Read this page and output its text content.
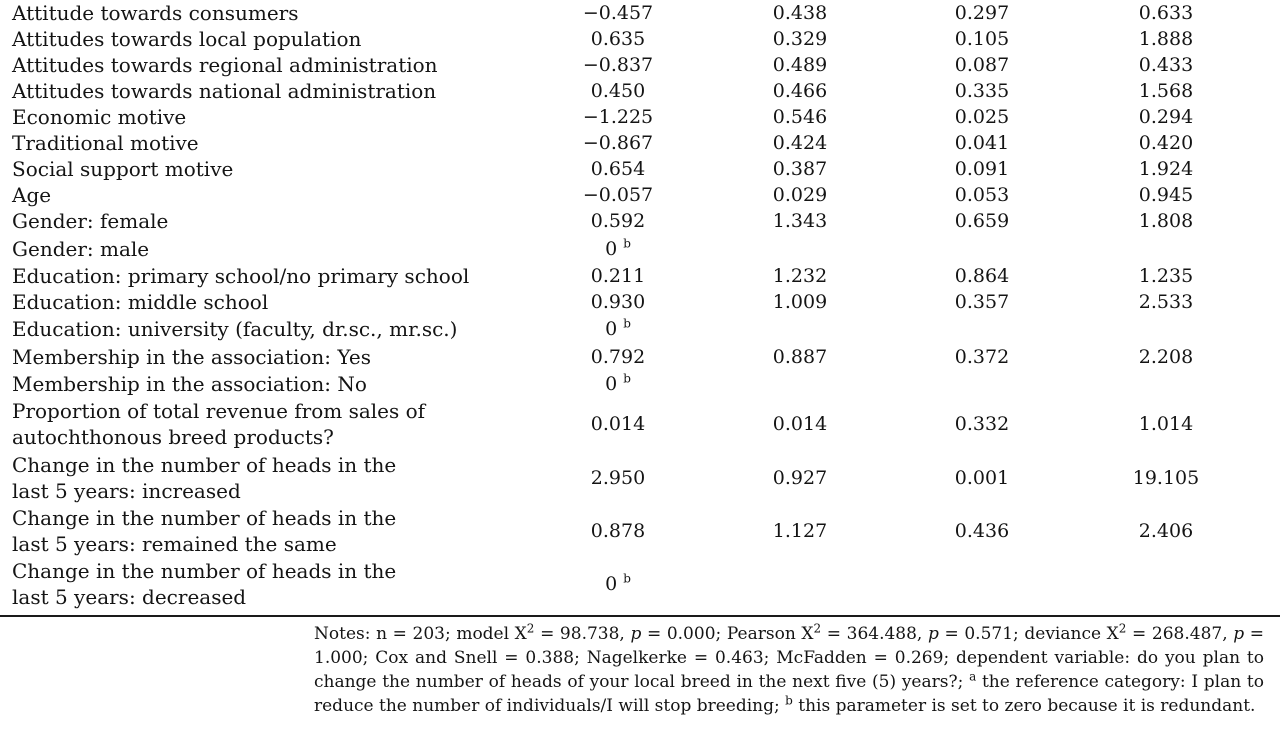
Attitude towards consumers	−0.457	0.438	0.297	0.633
Attitudes towards local population	0.635	0.329	0.105	1.888
Attitudes towards regional administration	−0.837	0.489	0.087	0.433
Attitudes towards national administration	0.450	0.466	0.335	1.568
Economic motive	−1.225	0.546	0.025	0.294
Traditional motive	−0.867	0.424	0.041	0.420
Social support motive	0.654	0.387	0.091	1.924
Age	−0.057	0.029	0.053	0.945
Gender: female	0.592	1.343	0.659	1.808
Gender: male	0 $^b$
Education: primary school/no primary school	0.211	1.232	0.864	1.235
Education: middle school	0.930	1.009	0.357	2.533
Education: university (faculty, dr.sc., mr.sc.)	0 $^b$
Membership in the association: Yes	0.792	0.887	0.372	2.208
Membership in the association: No	0 $^b$
Proportion of total revenue from sales of
autochthonous breed products?
0.014	0.014	0.332	1.014
Change in the number of heads in the
last 5 years: increased
2.950	0.927	0.001	19.105
Change in the number of heads in the
last 5 years: remained the same
0.878	1.127	0.436	2.406
Change in the number of heads in the
last 5 years: decreased
0 $^b$
Notes: n = 203; model $X^2 = 98.738$, p = 0.000; Pearson $X^2 = 364.488$, p = 0.571; deviance $X^2 = 268.487$, p = 1.000; Cox and Snell = 0.388; Nagelkerke = 0.463; McFadden = 0.269; dependent variable: do you plan to change the number of heads of your local breed in the next five (5) years?; $^a$ the reference category: I plan to reduce the number of individuals/I will stop breeding; $^b$ this parameter is set to zero because it is redundant.
